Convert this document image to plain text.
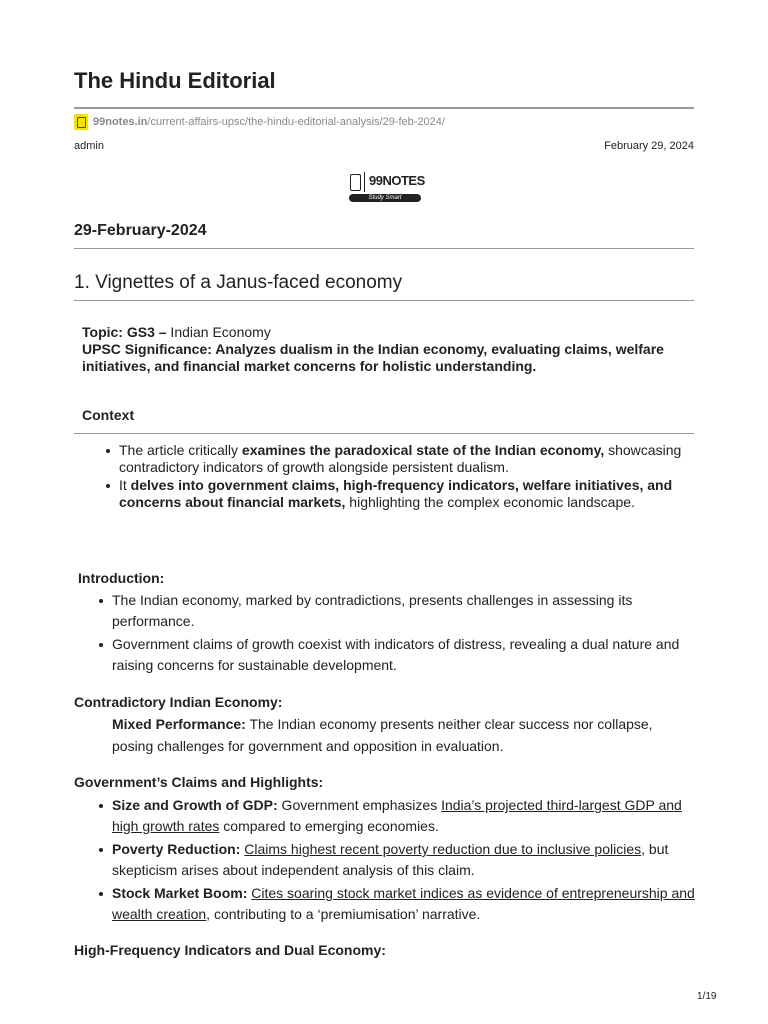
The Hindu Editorial
99notes.in /current-affairs-upsc/the-hindu-editorial-analysis/29-feb-2024/
admin	February 29, 2024
99NOTES
Study Smart
29-February-2024
1. Vignettes of a Janus-faced economy
Topic: GS3 – Indian Economy
UPSC Significance: Analyzes dualism in the Indian economy, evaluating claims, welfare initiatives, and financial market concerns for holistic understanding.
Context
The article critically examines the paradoxical state of the Indian economy, showcasing contradictory indicators of growth alongside persistent dualism.
It delves into government claims, high-frequency indicators, welfare initiatives, and concerns about financial markets, highlighting the complex economic landscape.
Introduction:
The Indian economy, marked by contradictions, presents challenges in assessing its performance.
Government claims of growth coexist with indicators of distress, revealing a dual nature and raising concerns for sustainable development.
Contradictory Indian Economy:
Mixed Performance: The Indian economy presents neither clear success nor collapse, posing challenges for government and opposition in evaluation.
Government’s Claims and Highlights:
Size and Growth of GDP: Government emphasizes India’s projected third-largest GDP and high growth rates compared to emerging economies.
Poverty Reduction: Claims highest recent poverty reduction due to inclusive policies, but skepticism arises about independent analysis of this claim.
Stock Market Boom: Cites soaring stock market indices as evidence of entrepreneurship and wealth creation, contributing to a ‘premiumisation’ narrative.
High-Frequency Indicators and Dual Economy:
1/19
